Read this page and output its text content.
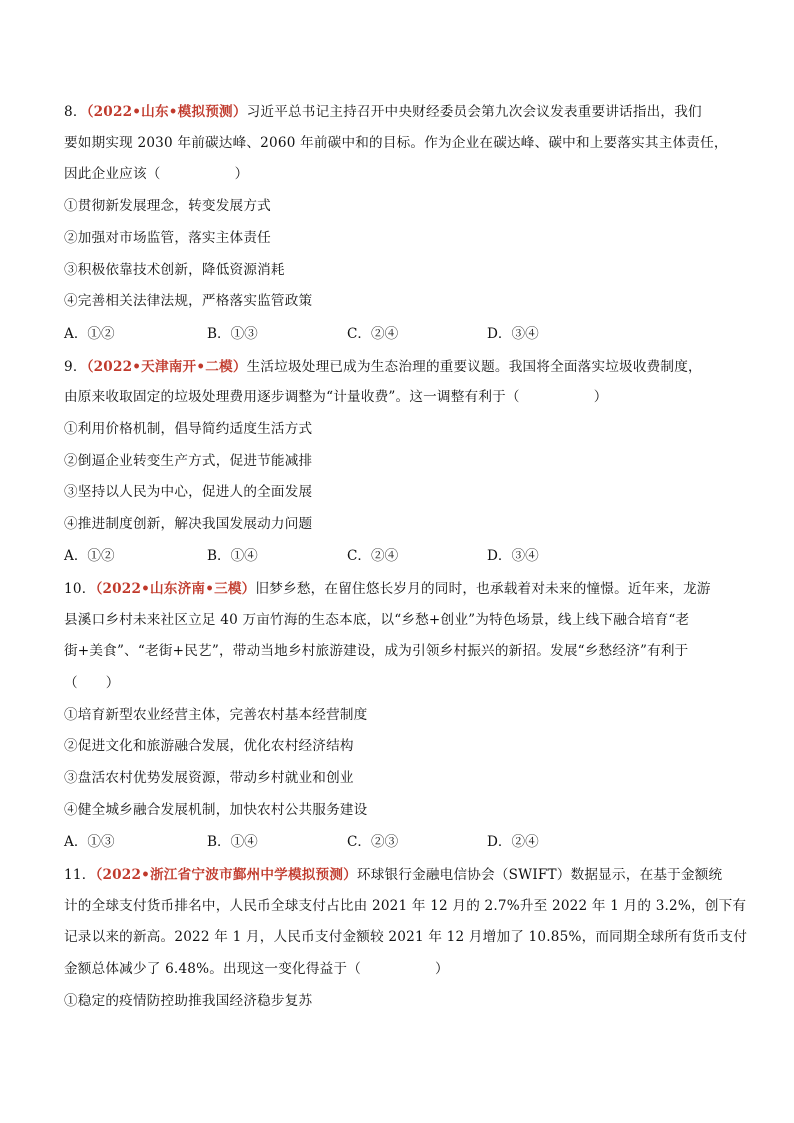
8．（2022•山东•模拟预测）习近平总书记主持召开中央财经委员会第九次会议发表重要讲话指出，我们
要如期实现 2030 年前碳达峰、2060 年前碳中和的目标。作为企业在碳达峰、碳中和上要落实其主体责任，
因此企业应该（	）
①贯彻新发展理念，转变发展方式
②加强对市场监管，落实主体责任
③积极依靠技术创新，降低资源消耗
④完善相关法律法规，严格落实监管政策
A．①②	B．①③	C．②④	D．③④
9．（2022•天津南开•二模）生活垃圾处理已成为生态治理的重要议题。我国将全面落实垃圾收费制度，
由原来收取固定的垃圾处理费用逐步调整为“计量收费”。这一调整有利于（	）
①利用价格机制，倡导简约适度生活方式
②倒逼企业转变生产方式，促进节能减排
③坚持以人民为中心，促进人的全面发展
④推进制度创新，解决我国发展动力问题
A．①②	B．①④	C．②④	D．③④
10．（2022•山东济南•三模）旧梦乡愁，在留住悠长岁月的同时，也承载着对未来的憧憬。近年来，龙游
县溪口乡村未来社区立足 40 万亩竹海的生态本底，以“乡愁+创业”为特色场景，线上线下融合培育“老
街+美食”、“老街+民艺”，带动当地乡村旅游建设，成为引领乡村振兴的新招。发展“乡愁经济”有利于
（ ）
①培育新型农业经营主体，完善农村基本经营制度
②促进文化和旅游融合发展，优化农村经济结构
③盘活农村优势发展资源，带动乡村就业和创业
④健全城乡融合发展机制，加快农村公共服务建设
A．①③	B．①④	C．②③	D．②④
11．（2022•浙江省宁波市鄞州中学模拟预测）环球银行金融电信协会（SWIFT）数据显示，在基于金额统
计的全球支付货币排名中，人民币全球支付占比由 2021 年 12 月的 2.7%升至 2022 年 1 月的 3.2%，创下有
记录以来的新高。2022 年 1 月，人民币支付金额较 2021 年 12 月增加了 10.85%，而同期全球所有货币支付
金额总体减少了 6.48%。出现这一变化得益于（	）
①稳定的疫情防控助推我国经济稳步复苏
